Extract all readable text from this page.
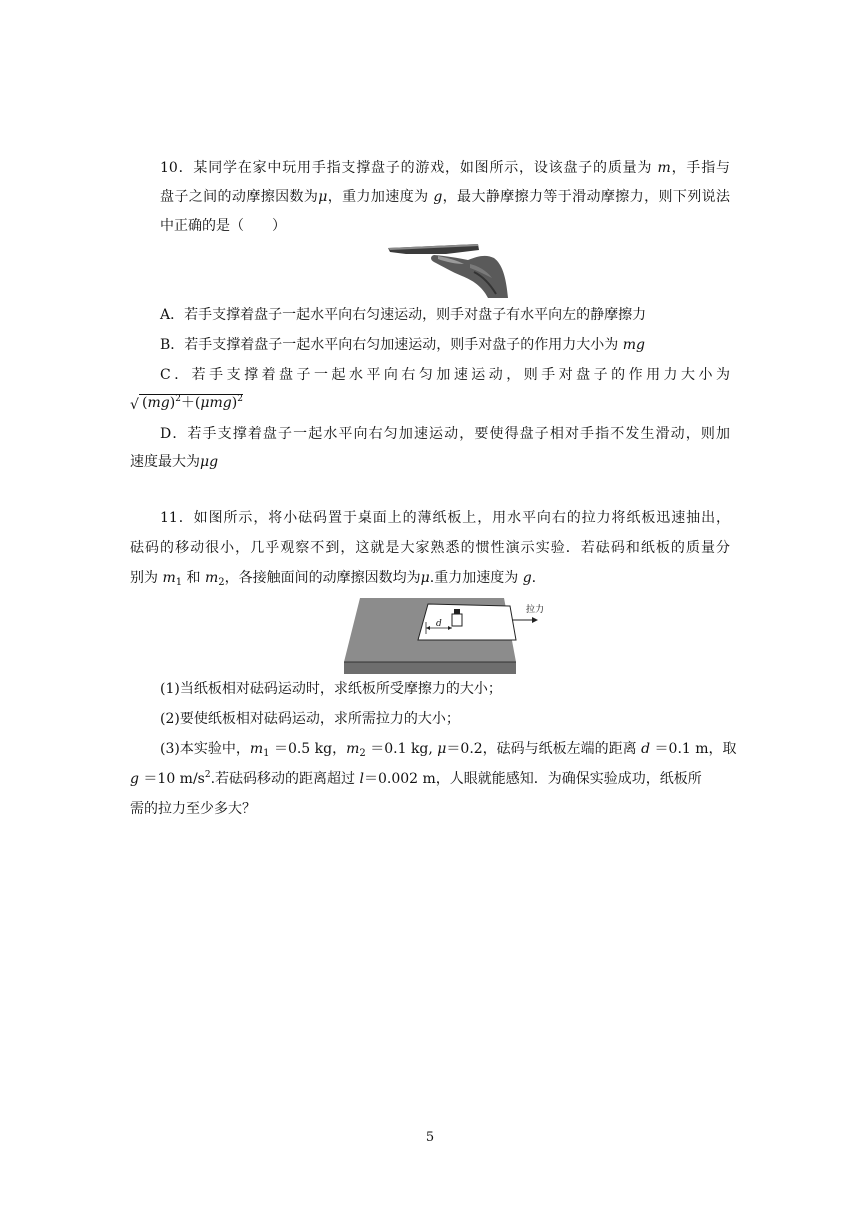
10．某同学在家中玩用手指支撑盘子的游戏，如图所示，设该盘子的质量为 m，手指与
盘子之间的动摩擦因数为μ，重力加速度为 g，最大静摩擦力等于滑动摩擦力，则下列说法
中正确的是（　　）
A．若手支撑着盘子一起水平向右匀速运动，则手对盘子有水平向左的静摩擦力
B．若手支撑着盘子一起水平向右匀加速运动，则手对盘子的作用力大小为 mg
C．若手支撑着盘子一起水平向右匀加速运动，则手对盘子的作用力大小为
√ $(mg)^2+(\mu mg)^2$
D．若手支撑着盘子一起水平向右匀加速运动，要使得盘子相对手指不发生滑动，则加
速度最大为μg
11．如图所示，将小砝码置于桌面上的薄纸板上，用水平向右的拉力将纸板迅速抽出，
砝码的移动很小，几乎观察不到，这就是大家熟悉的惯性演示实验．若砝码和纸板的质量分
别为 $m_1$ 和 $m_2$，各接触面间的动摩擦因数均为μ.重力加速度为 g.
d
拉力
(1)当纸板相对砝码运动时，求纸板所受摩擦力的大小；
(2)要使纸板相对砝码运动，求所需拉力的大小；
(3)本实验中，$m_1 =0.5$ kg，$m_2 =0.1$ kg, μ＝0.2，砝码与纸板左端的距离 d ＝0.1 m，取
g ＝10 $m/s^2$.若砝码移动的距离超过 l＝0.002 m，人眼就能感知．为确保实验成功，纸板所
需的拉力至少多大？
5
